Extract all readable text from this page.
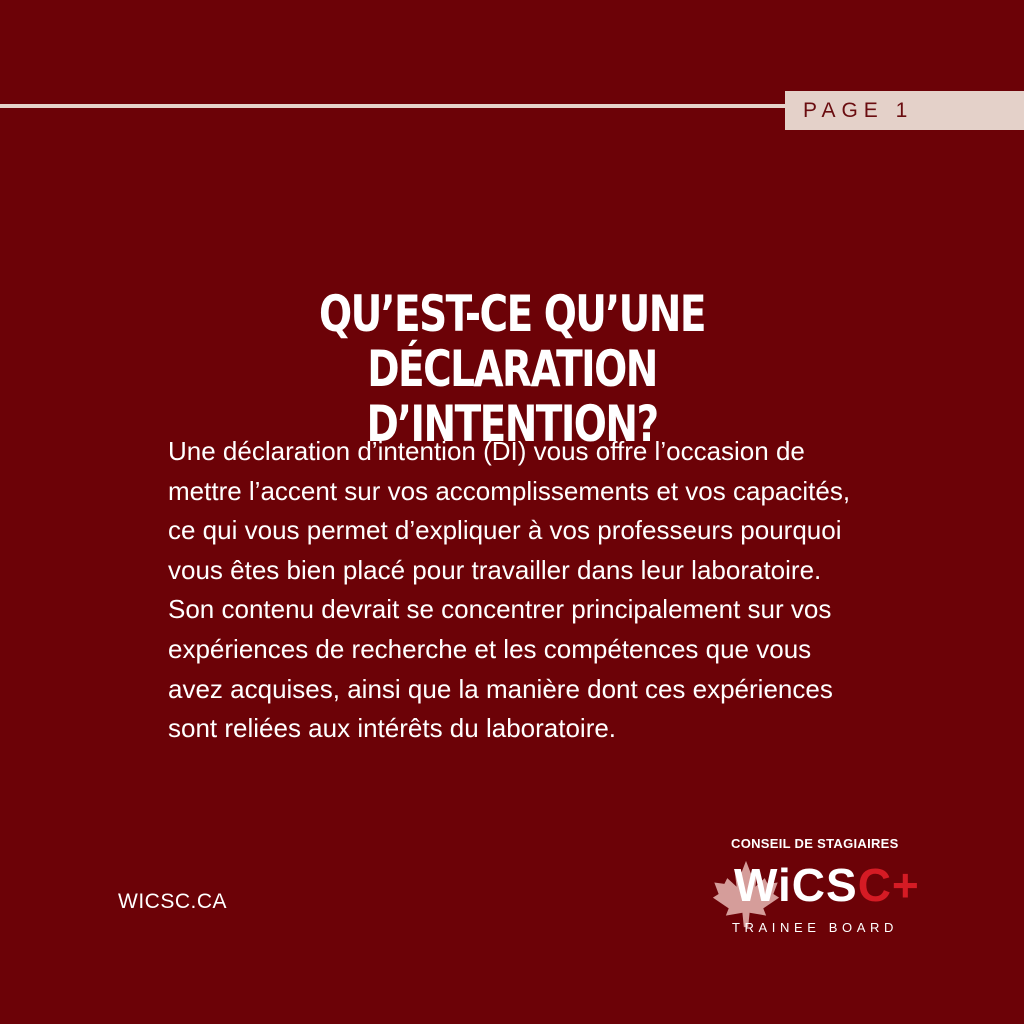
PAGE 1
QU’EST-CE QU’UNE DÉCLARATION
D’INTENTION?

Une déclaration d’intention (DI) vous offre l’occasion de mettre l’accent sur vos accomplissements et vos capacités, ce qui vous permet d’expliquer à vos professeurs pourquoi vous êtes bien placé pour travailler dans leur laboratoire. Son contenu devrait se concentrer principalement sur vos expériences de recherche et les compétences que vous avez acquises, ainsi que la manière dont ces expériences sont reliées aux intérêts du laboratoire.

WICSC.CA
CONSEIL DE STAGIAIRES
WiCSC+
TRAINEE BOARD
